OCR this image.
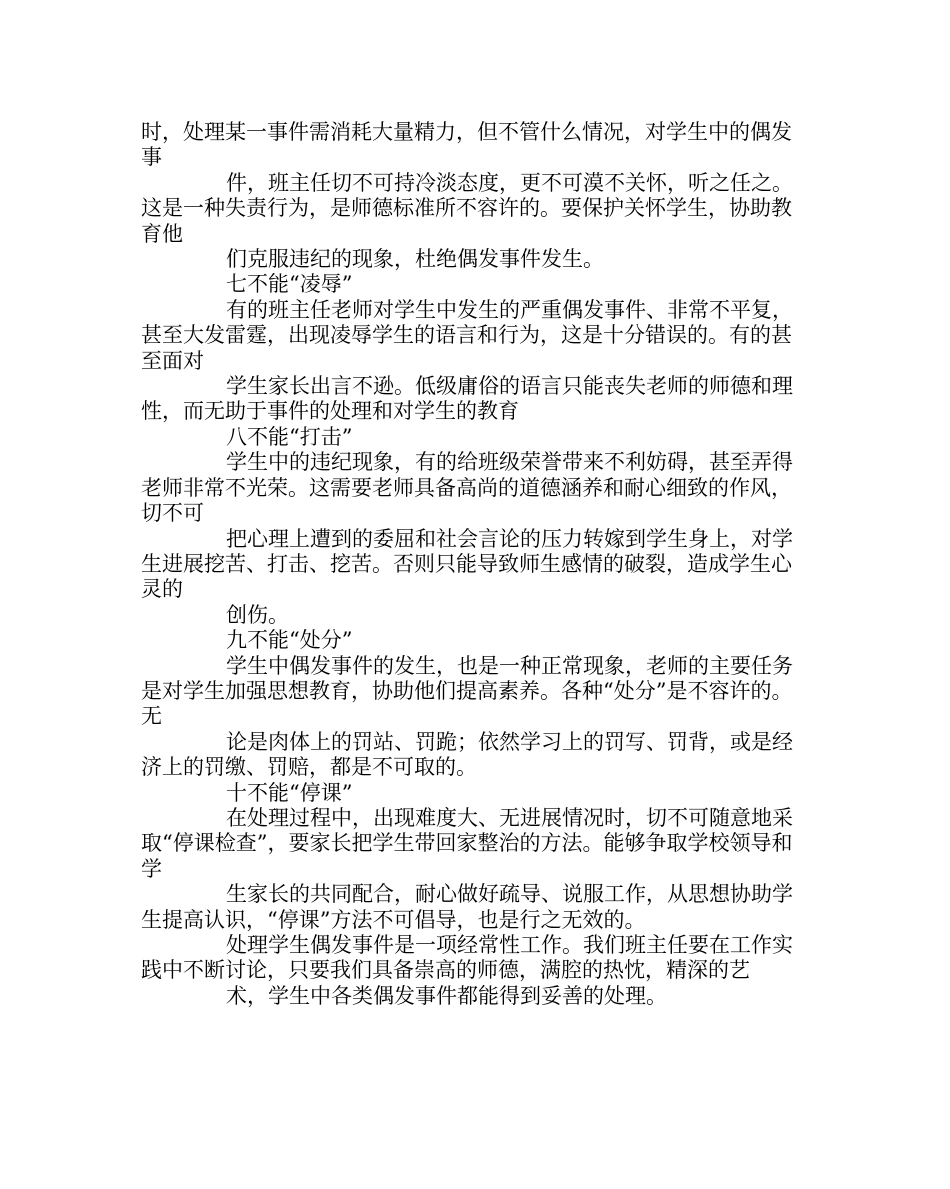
时，处理某一事件需消耗大量精力，但不管什么情况，对学生中的偶发事

件，班主任切不可持冷淡态度，更不可漠不关怀，听之任之。这是一种失责行为，是师德标准所不容许的。要保护关怀学生，协助教育他

们克服违纪的现象，杜绝偶发事件发生。

七不能“凌辱”

有的班主任老师对学生中发生的严重偶发事件、非常不平复，甚至大发雷霆，出现凌辱学生的语言和行为，这是十分错误的。有的甚至面对

学生家长出言不逊。低级庸俗的语言只能丧失老师的师德和理性，而无助于事件的处理和对学生的教育

八不能“打击”

学生中的违纪现象，有的给班级荣誉带来不利妨碍，甚至弄得老师非常不光荣。这需要老师具备高尚的道德涵养和耐心细致的作风，切不可

把心理上遭到的委屈和社会言论的压力转嫁到学生身上，对学生进展挖苦、打击、挖苦。否则只能导致师生感情的破裂，造成学生心灵的

创伤。

九不能“处分”

学生中偶发事件的发生，也是一种正常现象，老师的主要任务是对学生加强思想教育，协助他们提高素养。各种“处分”是不容许的。无

论是肉体上的罚站、罚跪；依然学习上的罚写、罚背，或是经济上的罚缴、罚赔，都是不可取的。

十不能“停课”

在处理过程中，出现难度大、无进展情况时，切不可随意地采取“停课检查”，要家长把学生带回家整治的方法。能够争取学校领导和学

生家长的共同配合，耐心做好疏导、说服工作，从思想协助学生提高认识，“停课”方法不可倡导，也是行之无效的。

处理学生偶发事件是一项经常性工作。我们班主任要在工作实践中不断讨论，只要我们具备崇高的师德，满腔的热忱，精深的艺

术，学生中各类偶发事件都能得到妥善的处理。
